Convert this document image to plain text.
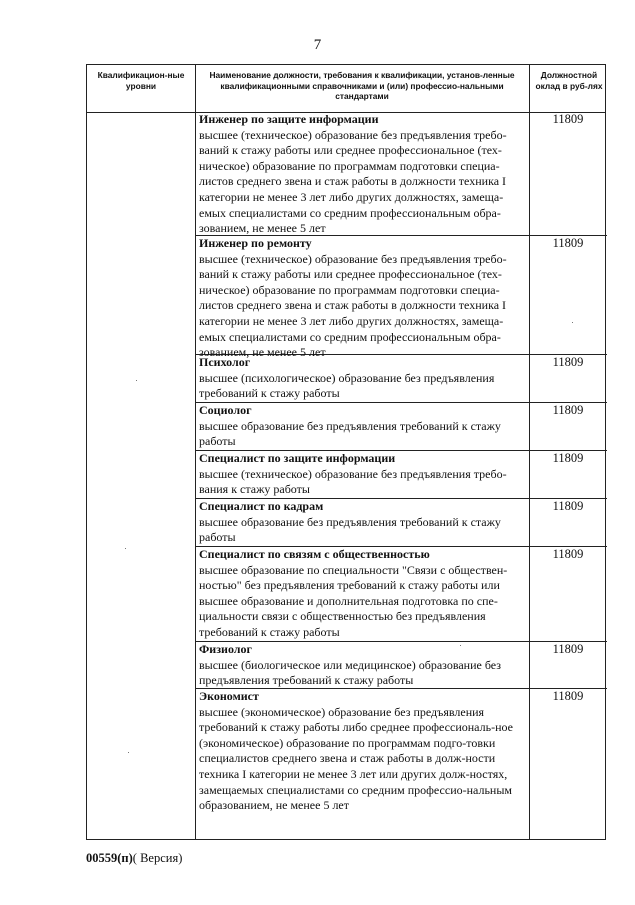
7
Квалификацион-ные уровни
Наименование должности, требования к квалификации, установ-ленные квалификационными справочниками и (или) профессио-нальными стандартами
Должностной оклад в руб-лях
Инженер по защите информации
высшее (техническое) образование без предъявления требо-ваний к стажу работы или среднее профессиональное (тех-ническое) образование по программам подготовки специа-листов среднего звена и стаж работы в должности техника I категории не менее 3 лет либо других должностях, замеща-емых специалистами со средним профессиональным обра-зованием, не менее 5 лет
11809
Инженер по ремонту
высшее (техническое) образование без предъявления требо-ваний к стажу работы или среднее профессиональное (тех-ническое) образование по программам подготовки специа-листов среднего звена и стаж работы в должности техника I категории не менее 3 лет либо других должностях, замеща-емых специалистами со средним профессиональным обра-зованием, не менее 5 лет
11809
Психолог
высшее (психологическое) образование без предъявления требований к стажу работы
11809
Социолог
высшее образование без предъявления требований к стажу работы
11809
Специалист по защите информации
высшее (техническое) образование без предъявления требо-вания к стажу работы
11809
Специалист по кадрам
высшее образование без предъявления требований к стажу работы
11809
Специалист по связям с общественностью
высшее образование по специальности "Связи с обществен-ностью" без предъявления требований к стажу работы или высшее образование и дополнительная подготовка по спе-циальности связи с общественностью без предъявления требований к стажу работы
11809
Физиолог
высшее (биологическое или медицинское) образование без предъявления требований к стажу работы
11809
Экономист
высшее (экономическое) образование без предъявления требований к стажу работы либо среднее профессиональ-ное (экономическое) образование по программам подго-товки специалистов среднего звена и стаж работы в долж-ности техника I категории не менее 3 лет или других долж-ностях, замещаемых специалистами со средним профессио-нальным образованием, не менее 5 лет
11809
00559(п)( Версия)
